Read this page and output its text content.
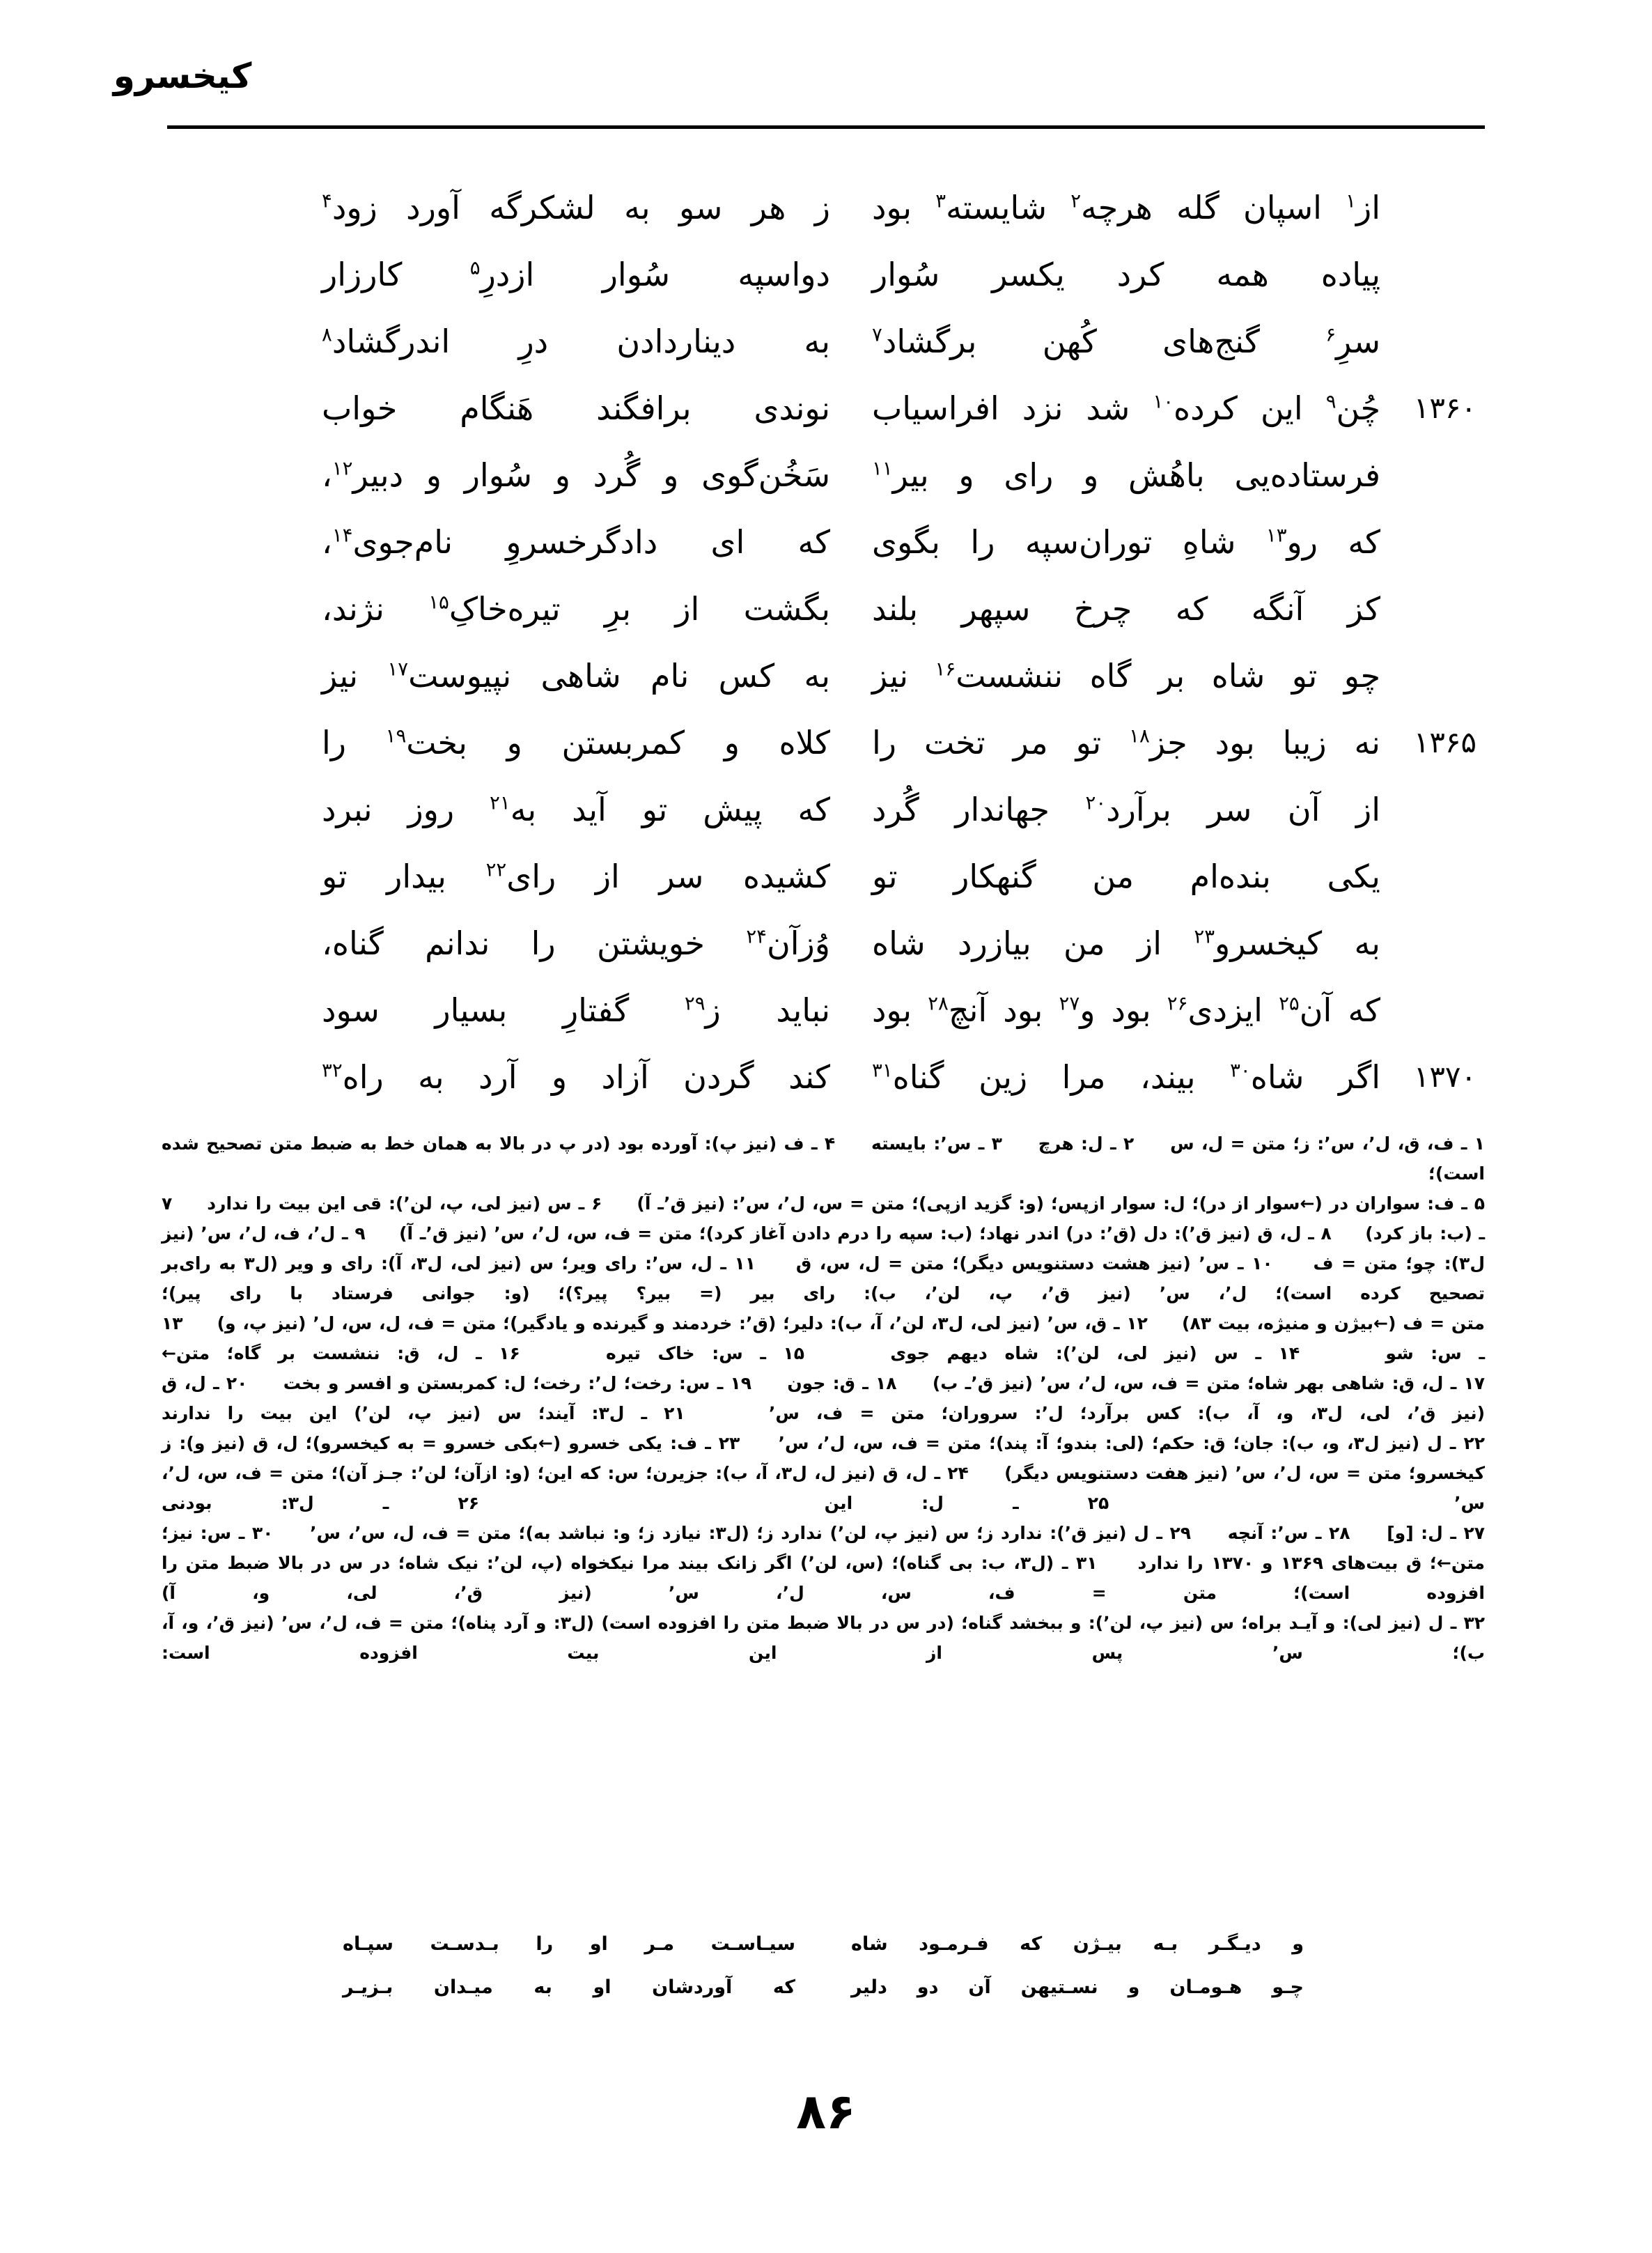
کیخسرو
از$^۱$ اسپان گله هرچه$^۲$ شایسته$^۳$ بود
ز هر سو به لشکرگه آورد زود$^۴$
پیاده همه کرد یکسر سُوار
دواسپه سُوار ازدرِ$^۵$ کارزار
سرِ$^۶$ گنج‌های کُهن برگشاد$^۷$
به دیناردادن درِ اندرگشاد$^۸$
۱۳۶۰
چُن$^۹$ این کرده$^{۱۰}$ شد نزد افراسیاب
نوندی برافگند هَنگام خواب
فرستاده‌یی باهُش و رای و بیر$^{۱۱}$
سَخُن‌گوی و گُرد و سُوار و دبیر$^{۱۲}$،
که رو$^{۱۳}$ شاهِ توران‌سپه را بگوی
که ای دادگرخسروِ نام‌جوی$^{۱۴}$،
کز آنگه که چرخ سپهر بلند
بگشت از برِ تیره‌خاکِ$^{۱۵}$ نژند،
چو تو شاه بر گاه ننشست$^{۱۶}$ نیز
به کس نام شاهی نپیوست$^{۱۷}$ نیز
۱۳۶۵
نه زیبا بود جز$^{۱۸}$ تو مر تخت را
کلاه و کمربستن و بخت$^{۱۹}$ را
از آن سر برآرد$^{۲۰}$ جهاندار گُرد
که پیش تو آید به$^{۲۱}$ روز نبرد
یکی بنده‌ام من گنهکار تو
کشیده سر از رای$^{۲۲}$ بیدار تو
به کیخسرو$^{۲۳}$ از من بیازرد شاه
وُزآن$^{۲۴}$ خویشتن را ندانم گناه،
که آن$^{۲۵}$ ایزدی$^{۲۶}$ بود و$^{۲۷}$ بود آنچ$^{۲۸}$ بود
نباید ز$^{۲۹}$ گفتارِ بسیار سود
۱۳۷۰
اگر شاه$^{۳۰}$ بیند، مرا زین گناه$^{۳۱}$
کند گردن آزاد و آرد به راه$^{۳۲}$

۱ ـ ف، ق، ل٬، س٬: ز؛ متن = ل، س     ۲ ـ ل: هرچ     ۳ ـ س٬: بایسته     ۴ ـ ف (نیز پ): آورده بود (در پ در بالا به همان خط به ضبط متن تصحیح شده است)؛

۵ ـ ف: سواران در (←سوار از در)؛ ل: سوار ازپس؛ (و: گزید ازپی)؛ متن = س، ل٬، س٬: (نیز ق٬ـ آ)     ۶ ـ س (نیز لی، پ، لن٬): قی این بیت را ندارد     ۷ ـ (ب: باز کرد)     ۸ ـ ل، ق (نیز ق٬): دل (ق٬: در) اندر نهاد؛ (ب: سپه را درم دادن آغاز کرد)؛ متن = ف، س، ل٬، س٬ (نیز ق٬ـ آ)     ۹ ـ ل٬، ف، ل٬، س٬ (نیز ل٣): چو؛ متن = ف     ۱۰ ـ س٬ (نیز هشت دستنویس دیگر)؛ متن = ل، س، ق     ۱۱ ـ ل، س٬: رای ویر؛ س (نیز لی، ل٣، آ): رای و ویر (ل٣ به رای‌بر تصحیح کرده است)؛ ل٬، س٬ (نیز ق٬، پ، لن٬، ب): رای بیر (= بیر؟ پیر؟)؛ (و: جوانی فرستاد با رای پیر)؛

متن = ف (←بیژن و منیژه، بیت ۸۳)     ۱۲ ـ ق، س٬ (نیز لی، ل٣، لن٬، آ، ب): دلیر؛ (ق٬: خردمند و گیرنده و یادگیر)؛ متن = ف، ل، س، ل٬ (نیز پ، و)     ۱۳ ـ س: شو     ۱۴ ـ س (نیز لی، لن٬): شاه دیهم جوی     ۱۵ ـ س: خاک تیره     ۱۶ ـ ل، ق: ننشست بر گاه؛ متن←

۱۷ ـ ل، ق: شاهی بهر شاه؛ متن = ف، س، ل٬، س٬ (نیز ق٬ـ ب)     ۱۸ ـ ق: جون     ۱۹ ـ س: رخت؛ ل٬: رخت؛ ل: کمربستن و افسر و بخت     ۲۰ ـ ل، ق (نیز ق٬، لی، ل٣، و، آ، ب): کس برآرد؛ ل٬: سروران؛ متن = ف، س٬     ۲۱ ـ ل٣: آیند؛ س (نیز پ، لن٬) این بیت را ندارند

۲۲ ـ ل (نیز ل٣، و، ب): جان؛ ق: حکم؛ (لی: بندو؛ آ: پند)؛ متن = ف، س، ل٬، س٬     ۲۳ ـ ف: یکی خسرو (←بکی خسرو = به کیخسرو)؛ ل، ق (نیز و): ز کیخسرو؛ متن = س، ل٬، س٬ (نیز هفت دستنویس دیگر)     ۲۴ ـ ل، ق (نیز ل، ل٣، آ، ب): جزیرن؛ س: که این؛ (و: ازآن؛ لن٬: جـز آن)؛ متن = ف، س، ل٬، س٬     ۲۵ ـ ل: این     ۲۶ ـ ل٣: بودنی

۲۷ ـ ل: [و]     ۲۸ ـ س٬: آنچه     ۲۹ ـ ل (نیز ق٬): ندارد ز؛ س (نیز پ، لن٬) ندارد ز؛ (ل٣: نیازد ز؛ و: نباشد به)؛ متن = ف، ل، س٬، س٬     ۳۰ ـ س: نیز؛ متن←؛ ق بیت‌های ۱۳۶۹ و ۱۳۷۰ را ندارد     ۳۱ ـ (ل٣، ب: بی گناه)؛ (س، لن٬) اگر زانک بیند مرا نیکخواه (پ، لن٬: نیک شاه؛ در س در بالا ضبط متن را افزوده است)؛ متن = ف، س، ل٬، س٬ (نیز ق٬، لی، و، آ)

۳۲ ـ ل (نیز لی): و آیـد براه؛ س (نیز پ، لن٬): و ببخشد گناه؛ (در س در بالا ضبط متن را افزوده است) (ل٣: و آرد پناه)؛ متن = ف، ل٬، س٬ (نیز ق٬، و، آ، ب)؛ س٬ پس از این بیت افزوده است:

و دیـگـر بـه بیـژن که فـرمـود شاه
سیـاسـت مـر او را بـدسـت سپـاه
چـو هـومـان و نسـتیهن آن دو دلیر
که آوردشان او به میـدان بـزیـر
۸۶
